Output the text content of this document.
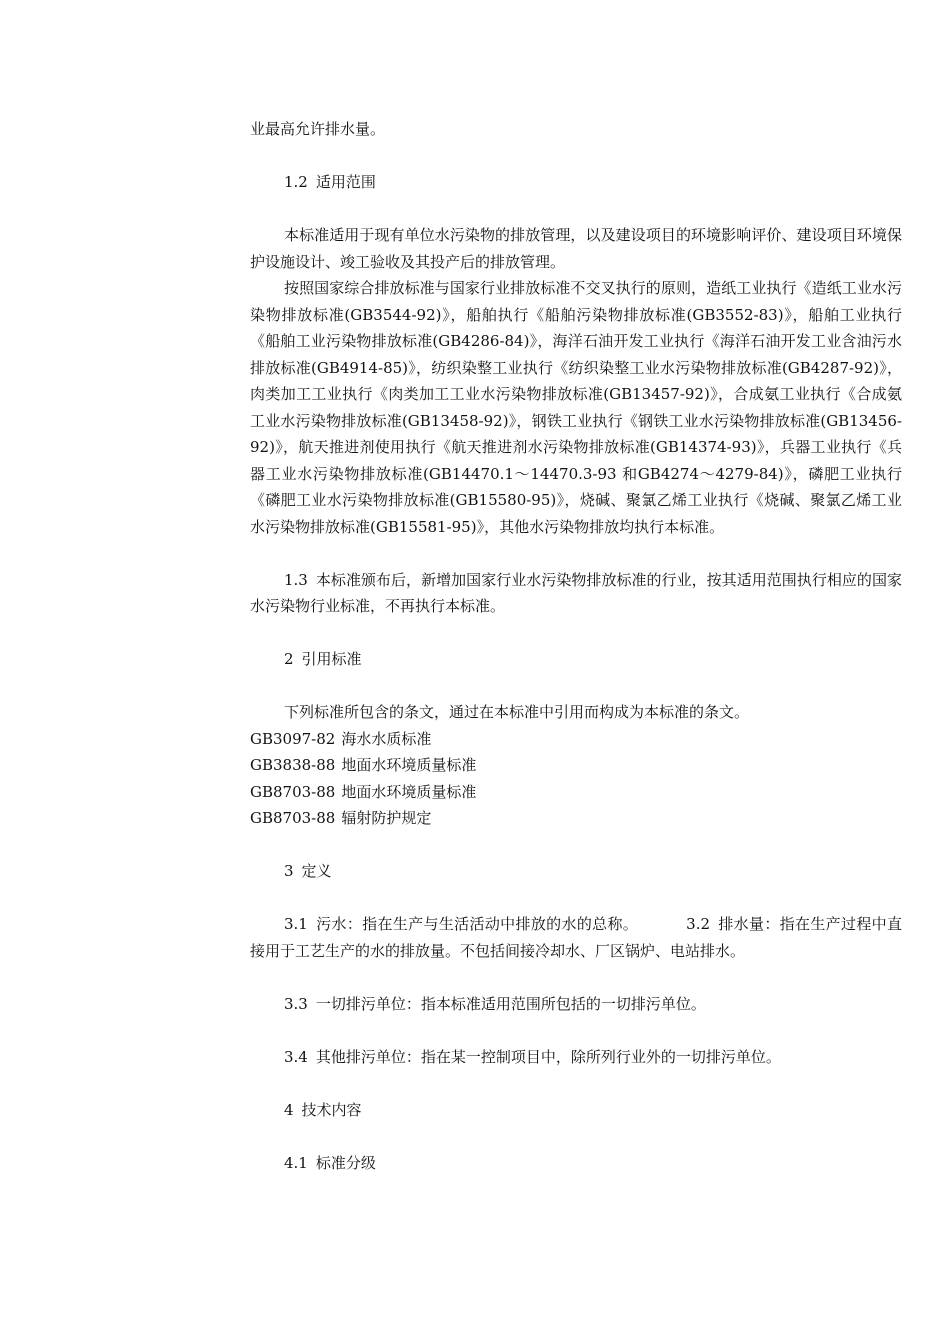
业最高允许排水量。

1.2 适用范围

本标准适用于现有单位水污染物的排放管理，以及建设项目的环境影响评价、建设项目环境保护设施设计、竣工验收及其投产后的排放管理。

按照国家综合排放标准与国家行业排放标准不交叉执行的原则，造纸工业执行《造纸工业水污染物排放标准(GB3544-92)》，船舶执行《船舶污染物排放标准(GB3552-83)》，船舶工业执行《船舶工业污染物排放标准(GB4286-84)》，海洋石油开发工业执行《海洋石油开发工业含油污水排放标准(GB4914-85)》，纺织染整工业执行《纺织染整工业水污染物排放标准(GB4287-92)》，肉类加工工业执行《肉类加工工业水污染物排放标准(GB13457-92)》，合成氨工业执行《合成氨工业水污染物排放标准(GB13458-92)》，钢铁工业执行《钢铁工业水污染物排放标准(GB13456-92)》，航天推进剂使用执行《航天推进剂水污染物排放标准(GB14374-93)》，兵器工业执行《兵器工业水污染物排放标准(GB14470.1～14470.3-93 和GB4274～4279-84)》，磷肥工业执行《磷肥工业水污染物排放标准(GB15580-95)》，烧碱、聚氯乙烯工业执行《烧碱、聚氯乙烯工业水污染物排放标准(GB15581-95)》，其他水污染物排放均执行本标准。

1.3 本标准颁布后，新增加国家行业水污染物排放标准的行业，按其适用范围执行相应的国家水污染物行业标准，不再执行本标准。

2 引用标准

下列标准所包含的条文，通过在本标准中引用而构成为本标准的条文。

GB3097-82 海水水质标准
GB3838-88 地面水环境质量标准
GB8703-88 地面水环境质量标准
GB8703-88 辐射防护规定

3 定义

3.1 污水：指在生产与生活活动中排放的水的总称。	3.2 排水量：指在生产过程中直接用于工艺生产的水的排放量。不包括间接冷却水、厂区锅炉、电站排水。

3.3 一切排污单位：指本标准适用范围所包括的一切排污单位。

3.4 其他排污单位：指在某一控制项目中，除所列行业外的一切排污单位。

4 技术内容

4.1 标准分级
